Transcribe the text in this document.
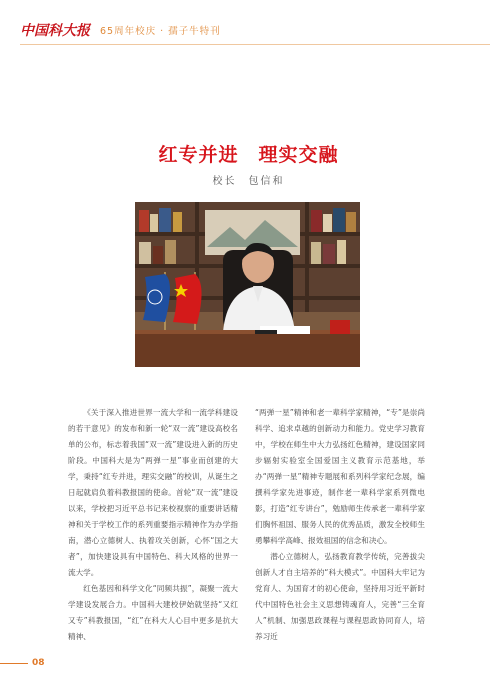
中国科大报 65周年校庆 · 孺子牛特刊
红专并进　理实交融
校长　包信和

《关于深入推进世界一流大学和一流学科建设的若干意见》的发布和新一轮“双一流”建设高校名单的公布，标志着我国“双一流”建设进入新的历史阶段。中国科大是为“两弹一星”事业而创建的大学，秉持“红专并进，理实交融”的校训，从诞生之日起就肩负着科教报国的使命。首轮“双一流”建设以来，学校把习近平总书记来校视察的重要讲话精神和关于学校工作的系列重要指示精神作为办学指南，潜心立德树人、执着攻关创新，心怀“国之大者”，加快建设具有中国特色、科大风格的世界一流大学。

红色基因和科学文化“同频共振”，凝聚一流大学建设发展合力。中国科大建校伊始就坚持“又红又专”科教报国，“红”在科大人心目中更多是抗大精神、

“两弹一星”精神和老一辈科学家精神，“专”是崇尚科学、追求卓越的创新动力和能力。党史学习教育中，学校在师生中大力弘扬红色精神，建设国家同步辐射实验室全国爱国主义教育示范基地，举办“两弹一星”精神专题展和系列科学家纪念展，编撰科学家先进事迹，制作老一辈科学家系列微电影，打造“红专讲台”，勉励师生传承老一辈科学家们胸怀祖国、服务人民的优秀品质，激发全校师生勇攀科学高峰、报效祖国的信念和决心。

潜心立德树人，弘扬教育教学传统，完善拔尖创新人才自主培养的“科大模式”。中国科大牢记为党育人、为国育才的初心使命，坚持用习近平新时代中国特色社会主义思想铸魂育人，完善“三全育人”机制、加强思政课程与课程思政协同育人，培养习近

08
